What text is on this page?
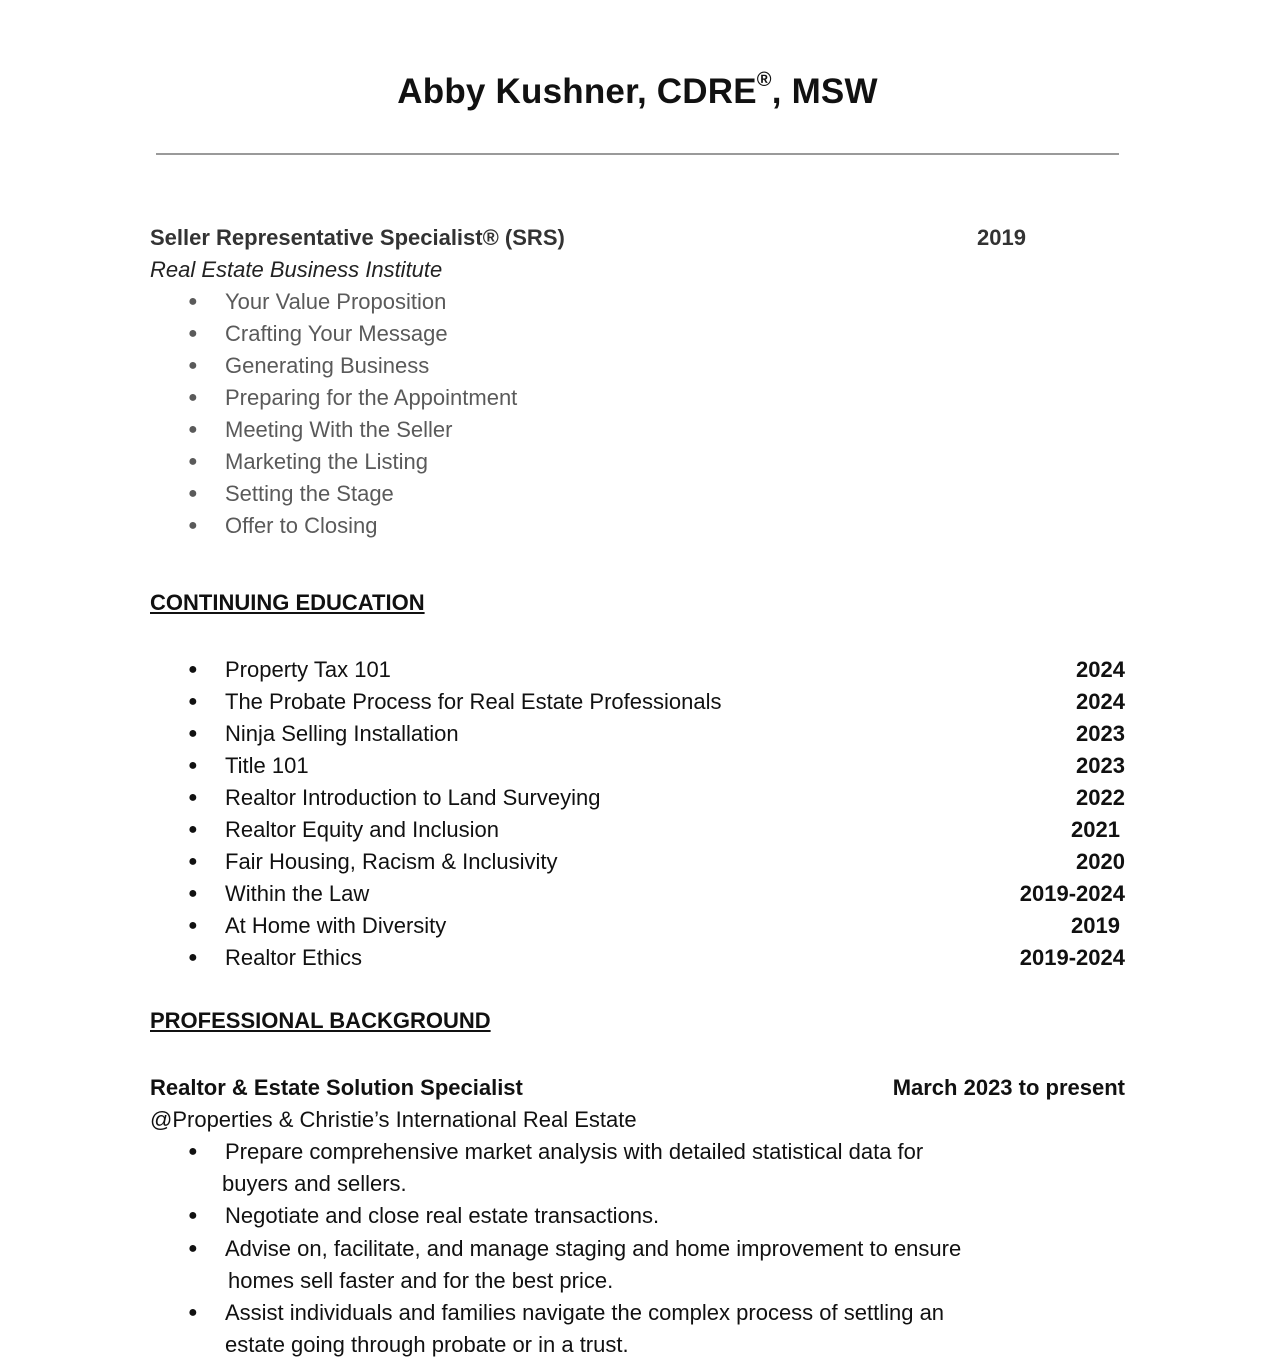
Abby Kushner, CDRE®, MSW
Seller Representative Specialist® (SRS)	2019
Real Estate Business Institute
● Your Value Proposition
● Crafting Your Message
● Generating Business
● Preparing for the Appointment
● Meeting With the Seller
● Marketing the Listing
● Setting the Stage
● Offer to Closing
CONTINUING EDUCATION
● Property Tax 101	2024
● The Probate Process for Real Estate Professionals	2024
● Ninja Selling Installation	2023
● Title 101	2023
● Realtor Introduction to Land Surveying	2022
● Realtor Equity and Inclusion	2021
● Fair Housing, Racism & Inclusivity	2020
● Within the Law	2019-2024
● At Home with Diversity	2019
● Realtor Ethics	2019-2024
PROFESSIONAL BACKGROUND
Realtor & Estate Solution Specialist	March 2023 to present
@Properties & Christie’s International Real Estate
● Prepare comprehensive market analysis with detailed statistical data for
buyers and sellers.
● Negotiate and close real estate transactions.
● Advise on, facilitate, and manage staging and home improvement to ensure
homes sell faster and for the best price.
● Assist individuals and families navigate the complex process of settling an
estate going through probate or in a trust.
